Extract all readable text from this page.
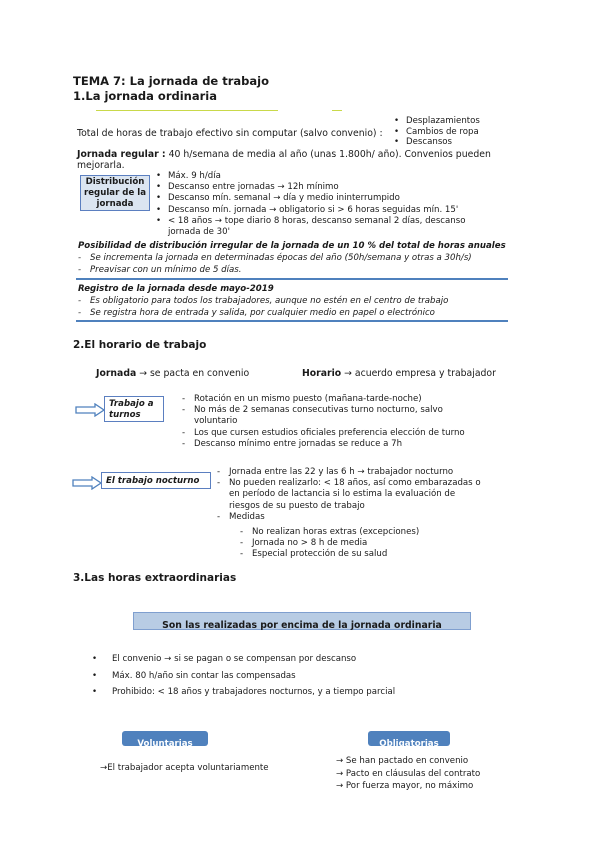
TEMA 7: La jornada de trabajo
1.La jornada ordinaria
Total de horas de trabajo efectivo sin computar (salvo convenio) :
• Desplazamientos
• Cambios de ropa
• Descansos
Jornada regular : 40 h/semana de media al año (unas 1.800h/ año). Convenios pueden
mejorarla.
Distribución
regular de la
jornada
• Máx. 9 h/día
• Descanso entre jornadas → 12h mínimo
• Descanso mín. semanal → día y medio ininterrumpido
• Descanso mín. jornada → obligatorio si > 6 horas seguidas mín. 15'
• < 18 años → tope diario 8 horas, descanso semanal 2 días, descanso
jornada de 30'
Posibilidad de distribución irregular de la jornada de un 10 % del total de horas anuales
- Se incrementa la jornada en determinadas épocas del año (50h/semana y otras a 30h/s)
- Preavisar con un mínimo de 5 días.
Registro de la jornada desde mayo-2019
- Es obligatorio para todos los trabajadores, aunque no estén en el centro de trabajo
- Se registra hora de entrada y salida, por cualquier medio en papel o electrónico
2.El horario de trabajo
Jornada → se pacta en convenio	Horario → acuerdo empresa y trabajador
Trabajo a
turnos
- Rotación en un mismo puesto (mañana-tarde-noche)
- No más de 2 semanas consecutivas turno nocturno, salvo
voluntario
- Los que cursen estudios oficiales preferencia elección de turno
- Descanso mínimo entre jornadas se reduce a 7h
El trabajo nocturno
- Jornada entre las 22 y las 6 h → trabajador nocturno
- No pueden realizarlo: < 18 años, así como embarazadas o
en período de lactancia si lo estima la evaluación de
riesgos de su puesto de trabajo
- Medidas
- No realizan horas extras (excepciones)
- Jornada no > 8 h de media
- Especial protección de su salud
3.Las horas extraordinarias
Son las realizadas por encima de la jornada ordinaria
• El convenio → si se pagan o se compensan por descanso
• Máx. 80 h/año sin contar las compensadas
• Prohibido: < 18 años y trabajadores nocturnos, y a tiempo parcial
Voluntarias	Obligatorias
→El trabajador acepta voluntariamente
→ Se han pactado en convenio
→ Pacto en cláusulas del contrato
→ Por fuerza mayor, no máximo
